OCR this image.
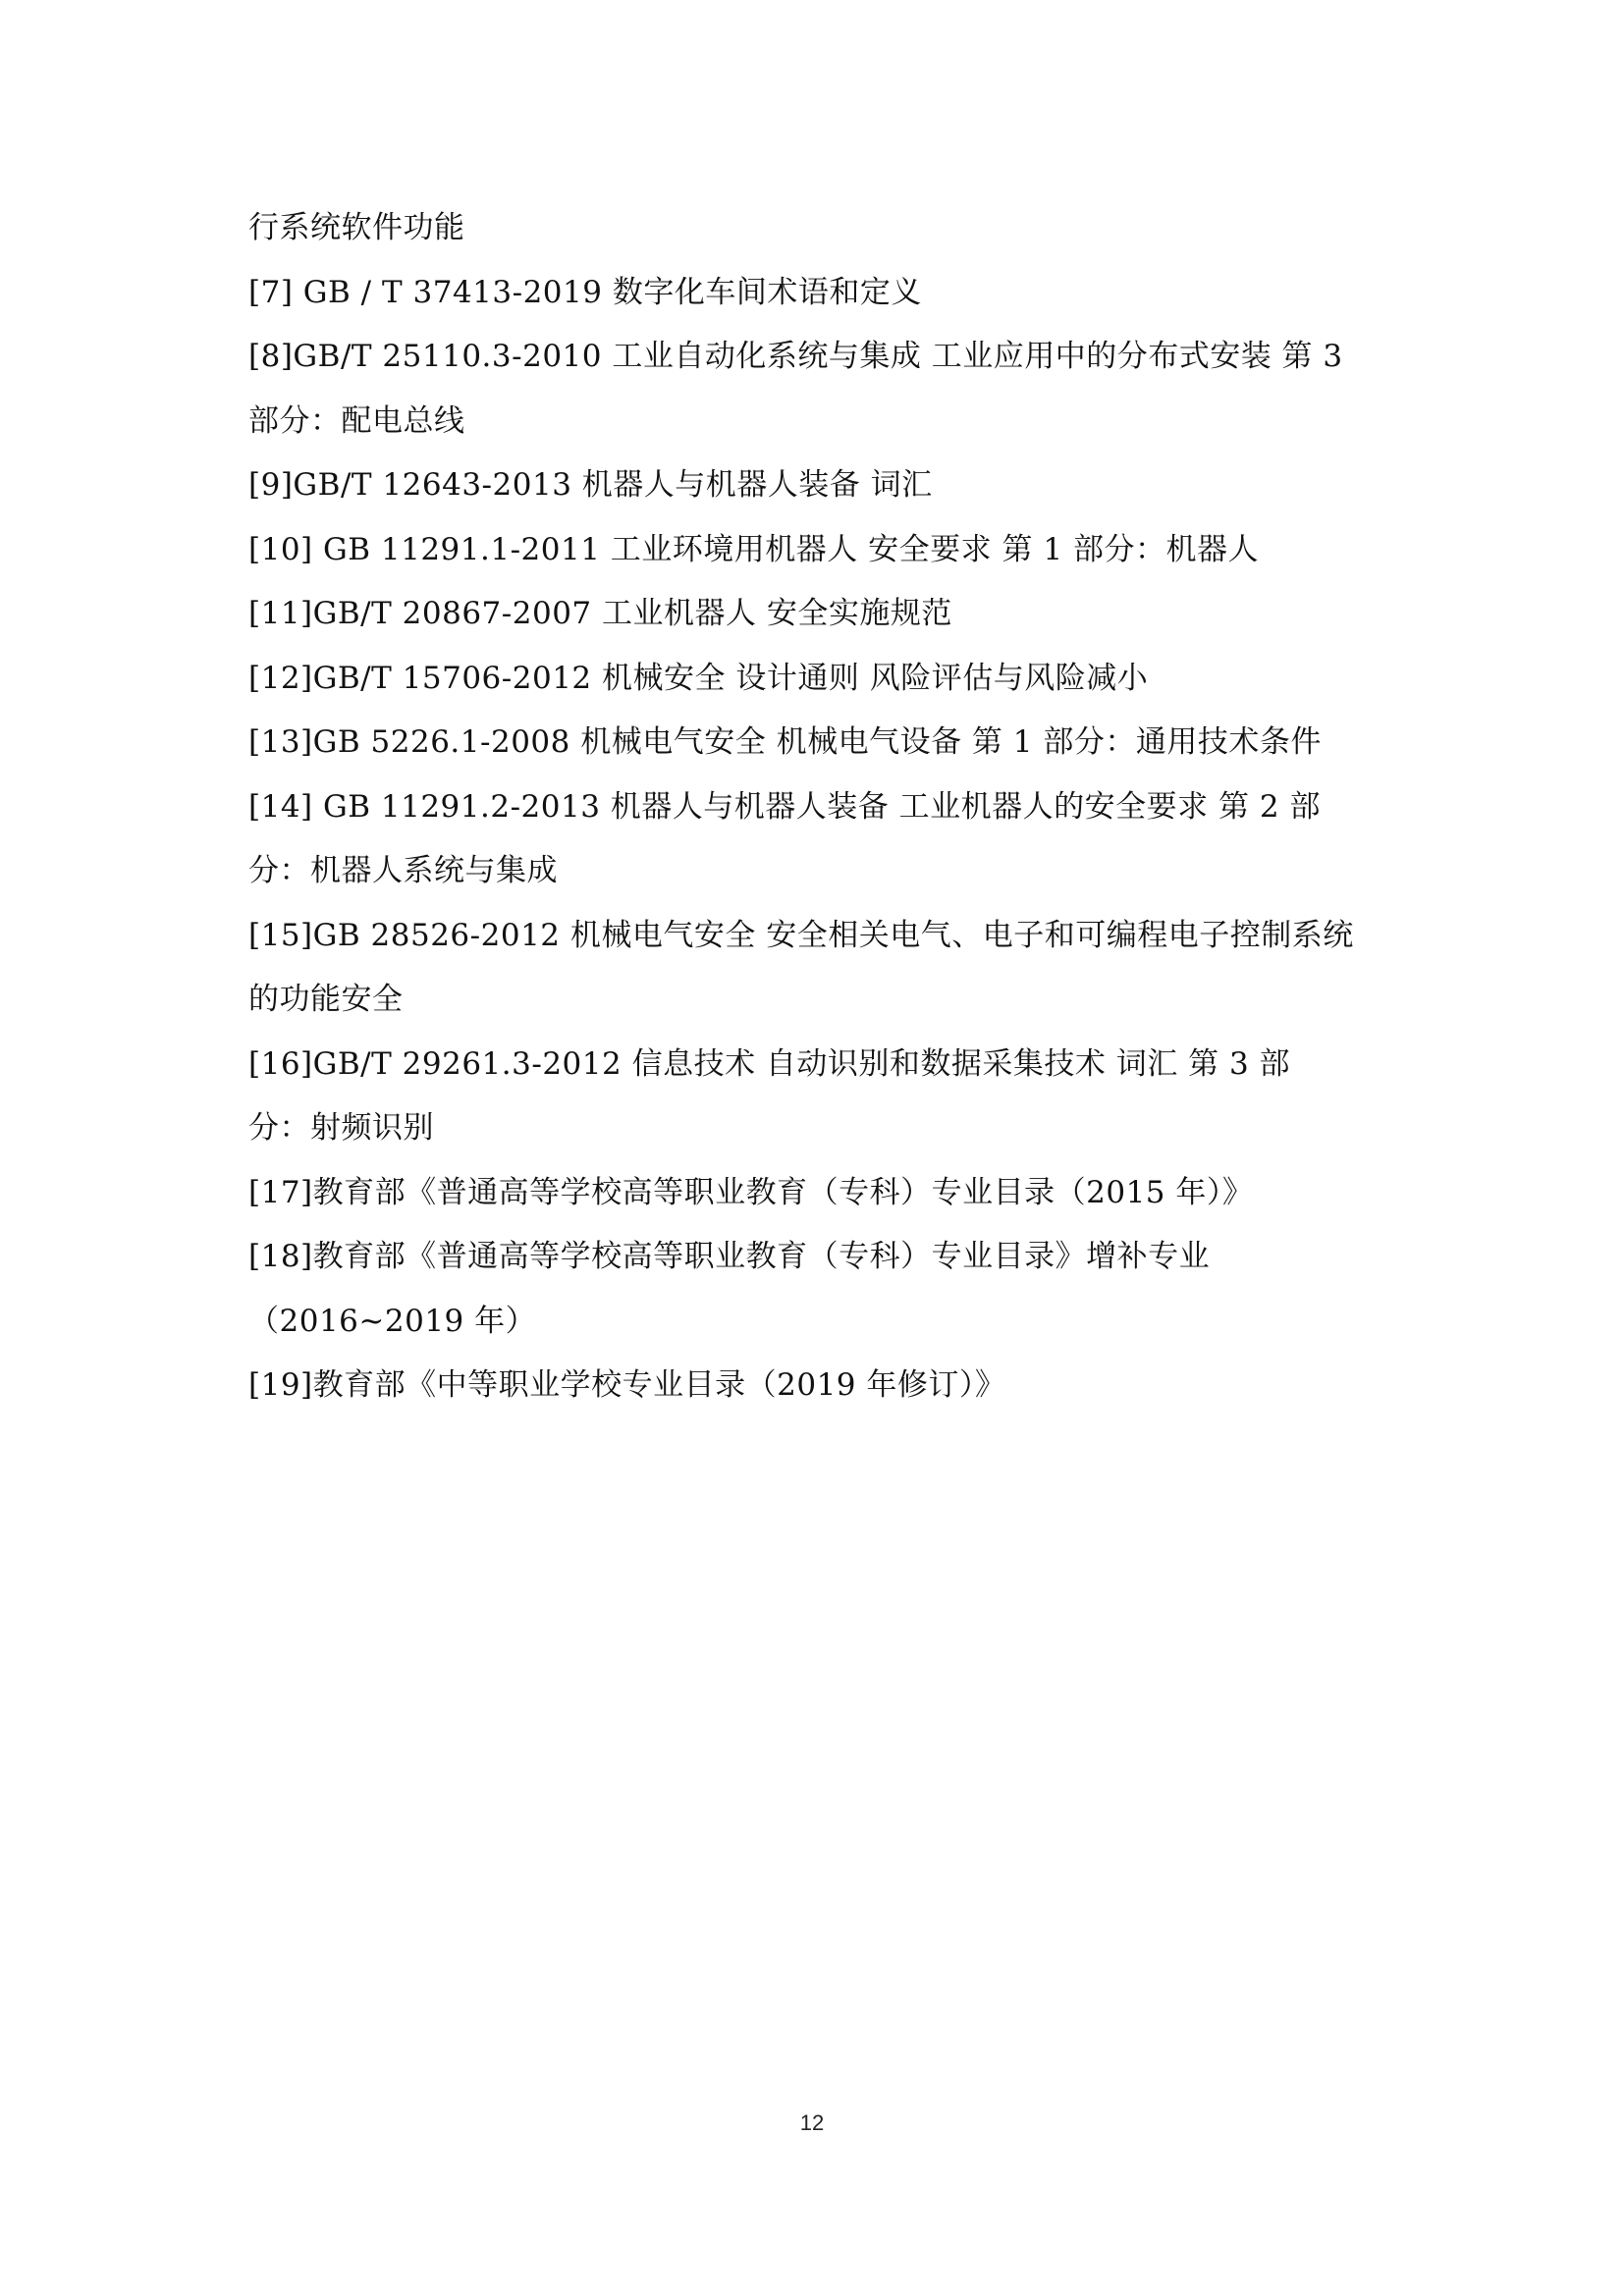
行系统软件功能
[7] GB / T 37413-2019 数字化车间术语和定义
[8]GB/T 25110.3-2010 工业自动化系统与集成 工业应用中的分布式安装 第 3
部分：配电总线
[9]GB/T 12643-2013 机器人与机器人装备 词汇
[10] GB 11291.1-2011 工业环境用机器人 安全要求 第 1 部分：机器人
[11]GB/T 20867-2007 工业机器人 安全实施规范
[12]GB/T 15706-2012 机械安全 设计通则 风险评估与风险减小
[13]GB 5226.1-2008 机械电气安全 机械电气设备 第 1 部分：通用技术条件
[14] GB 11291.2-2013 机器人与机器人装备 工业机器人的安全要求 第 2 部
分：机器人系统与集成
[15]GB 28526-2012 机械电气安全 安全相关电气、电子和可编程电子控制系统
的功能安全
[16]GB/T 29261.3-2012 信息技术 自动识别和数据采集技术 词汇 第 3 部
分：射频识别
[17]教育部《普通高等学校高等职业教育（专科）专业目录（2015 年）》
[18]教育部《普通高等学校高等职业教育（专科）专业目录》增补专业
（2016~2019 年）
[19]教育部《中等职业学校专业目录（2019 年修订）》
12
